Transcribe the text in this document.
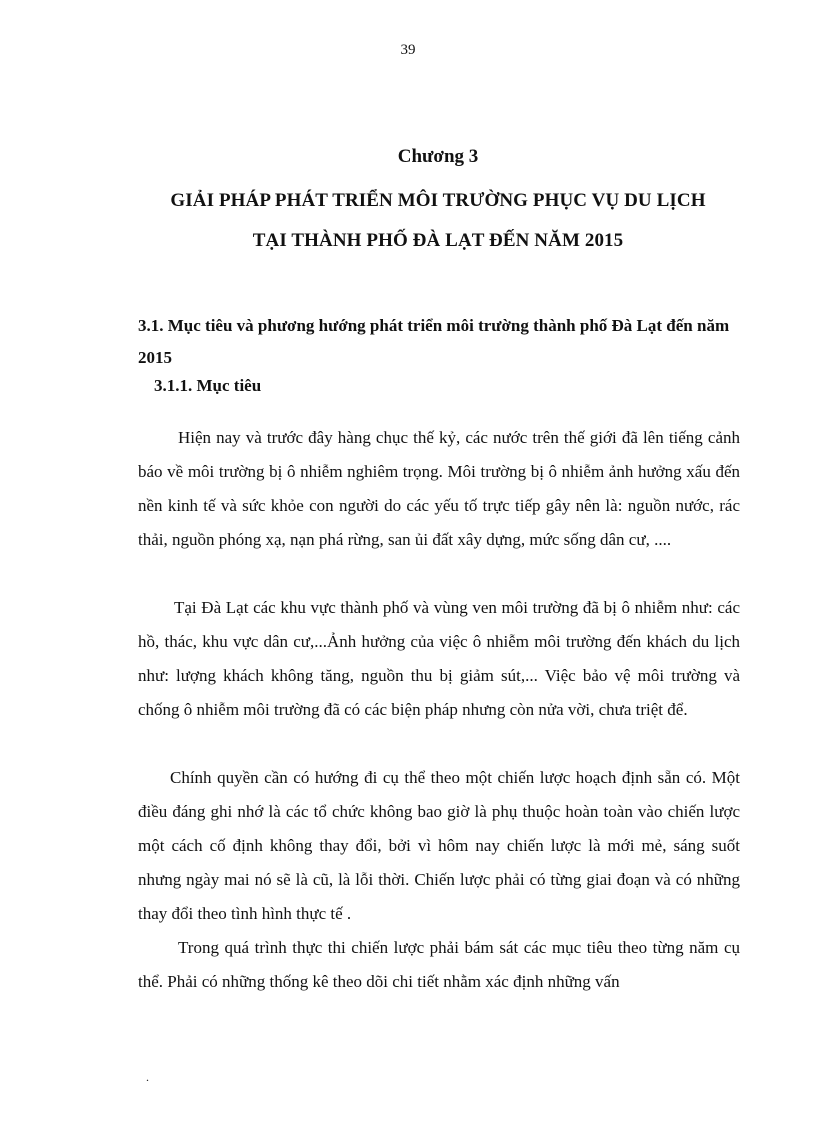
39
Chương 3
GIẢI PHÁP PHÁT TRIỂN MÔI TRƯỜNG PHỤC VỤ DU LỊCH
TẠI THÀNH PHỐ ĐÀ LẠT ĐẾN NĂM 2015
3.1. Mục tiêu và phương hướng phát triển môi trường thành phố Đà Lạt đến năm 2015
3.1.1. Mục tiêu

Hiện nay và trước đây hàng chục thế kỷ, các nước trên thế giới đã lên tiếng cảnh báo về môi trường bị ô nhiễm nghiêm trọng. Môi trường bị ô nhiễm ảnh hưởng xấu đến nền kinh tế và sức khỏe con người do các yếu tố trực tiếp gây nên là: nguồn nước, rác thải, nguồn phóng xạ, nạn phá rừng, san ủi đất xây dựng, mức sống dân cư, ....

Tại Đà Lạt các khu vực thành phố và vùng ven môi trường đã bị ô nhiễm như: các hồ, thác, khu vực dân cư,...Ảnh hưởng của việc ô nhiễm môi trường đến khách du lịch như: lượng khách không tăng, nguồn thu bị giảm sút,... Việc bảo vệ môi trường và chống ô nhiễm môi trường đã có các biện pháp nhưng còn nửa vời, chưa triệt để.

Chính quyền cần có hướng đi cụ thể theo một chiến lược hoạch định sẵn có. Một điều đáng ghi nhớ là các tổ chức không bao giờ là phụ thuộc hoàn toàn vào chiến lược một cách cố định không thay đổi, bởi vì hôm nay chiến lược là mới mẻ, sáng suốt nhưng ngày mai nó sẽ là cũ, là lỗi thời. Chiến lược phải có từng giai đoạn và có những thay đổi theo tình hình thực tế .

Trong quá trình thực thi chiến lược phải bám sát các mục tiêu theo từng năm cụ thể. Phải có những thống kê theo dõi chi tiết nhằm xác định những vấn

.
